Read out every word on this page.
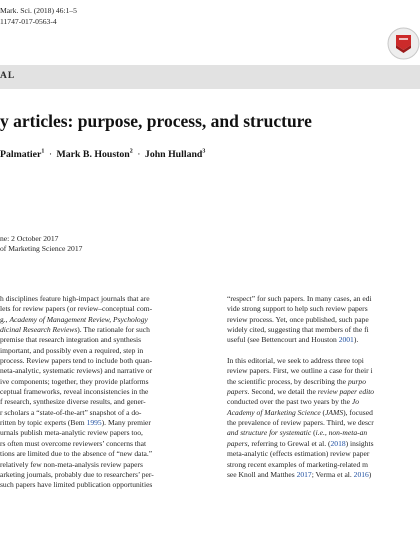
Mark. Sci. (2018) 46:1–5
11747-017-0563-4
AL
y articles: purpose, process, and structure
Palmatier$^1$ · Mark B. Houston$^2$ · John Hulland$^3$
ne: 2 October 2017
of Marketing Science 2017
h disciplines feature high-impact journals that are
lets for review papers (or review–conceptual com-
g., Academy of Management Review, Psychology
dicinal Research Reviews). The rationale for such
premise that research integration and synthesis
important, and possibly even a required, step in
process. Review papers tend to include both quan-
neta-analytic, systematic reviews) and narrative or
ive components; together, they provide platforms
ceptual frameworks, reveal inconsistencies in the
f research, synthesize diverse results, and gener-
r scholars a “state-of-the-art” snapshot of a do-
ritten by topic experts (Bem 1995). Many premier
urnals publish meta-analytic review papers too,
rs often must overcome reviewers’ concerns that
tions are limited due to the absence of “new data.”
relatively few non-meta-analysis review papers
arketing journals, probably due to researchers’ per-
such papers have limited publication opportunities
“respect” for such papers. In many cases, an edi
vide strong support to help such review papers
review process. Yet, once published, such pape
widely cited, suggesting that members of the fi
useful (see Bettencourt and Houston 2001).

In this editorial, we seek to address three topi
review papers. First, we outline a case for their i
the scientific process, by describing the purpo
papers. Second, we detail the review paper edito
conducted over the past two years by the Jo
Academy of Marketing Science (JAMS), focused
the prevalence of review papers. Third, we descr
and structure for systematic (i.e., non-meta-an
papers, referring to Grewal et al. (2018) insights
meta-analytic (effects estimation) review paper
strong recent examples of marketing-related m
see Knoll and Matthes 2017; Verma et al. 2016)
